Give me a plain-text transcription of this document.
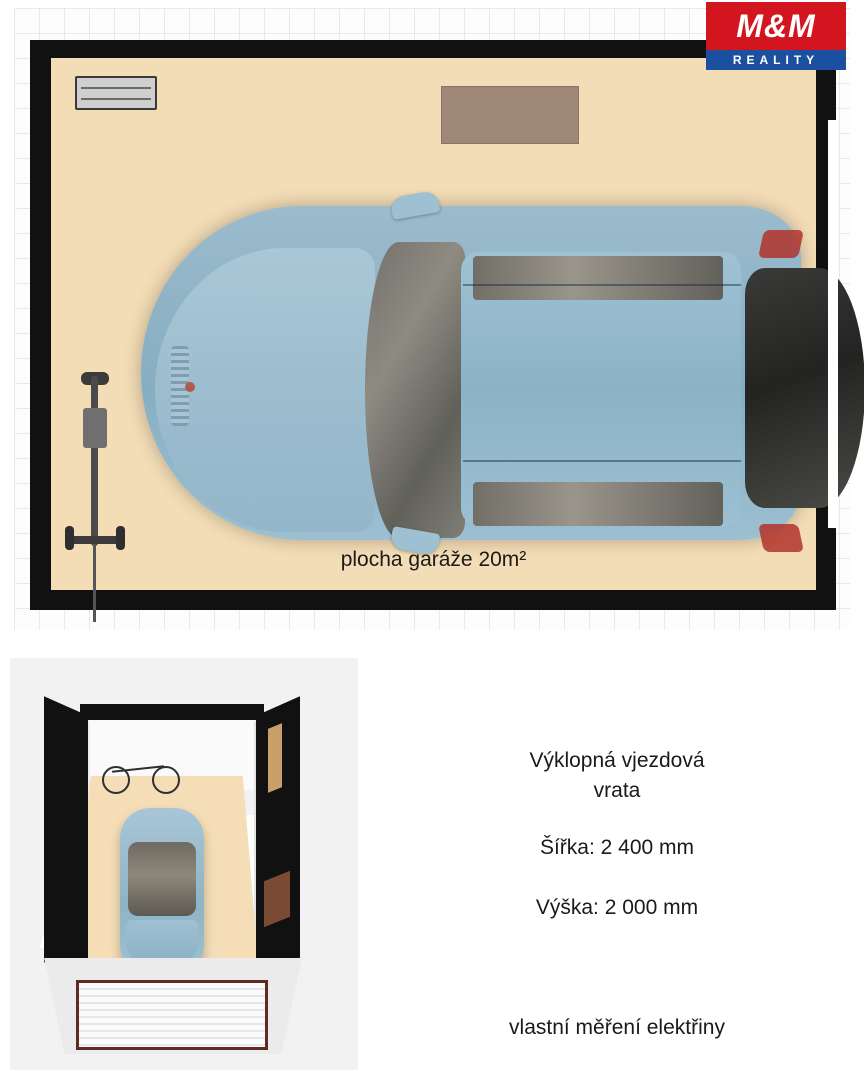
plocha garáže 20m²
M&M
REALITY
Výklopná vjezdová
vrata
Šířka: 2 400 mm
Výška: 2 000 mm
vlastní měření elektřiny
